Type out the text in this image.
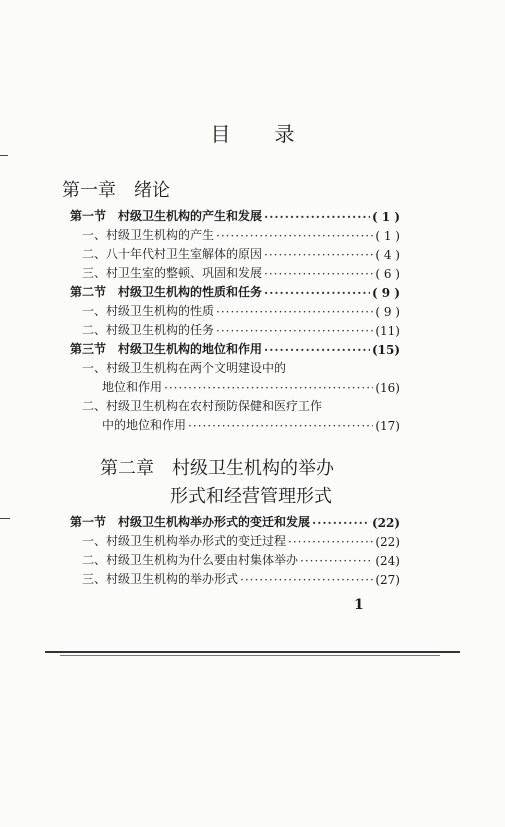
目 录
第一章 绪论
第一节　村级卫生机构的产生和发展 ·····	( 1 )
一、村级卫生机构的产生 ·····	( 1 )
二、八十年代村卫生室解体的原因 ·····	( 4 )
三、村卫生室的整顿、巩固和发展 ·····	( 6 )
第二节　村级卫生机构的性质和任务 ·····	( 9 )
一、村级卫生机构的性质 ·····	( 9 )
二、村级卫生机构的任务 ·····	(11)
第三节　村级卫生机构的地位和作用 ·····	(15)
一、村级卫生机构在两个文明建设中的
地位和作用 ·····	(16)
二、村级卫生机构在农村预防保健和医疗工作
中的地位和作用 ·····	(17)
第二章　村级卫生机构的举办
形式和经营管理形式
第一节　村级卫生机构举办形式的变迁和发展 ·····	(22)
一、村级卫生机构举办形式的变迁过程 ·····	(22)
二、村级卫生机构为什么要由村集体举办 ·····	(24)
三、村级卫生机构的举办形式 ·····	(27)
1
